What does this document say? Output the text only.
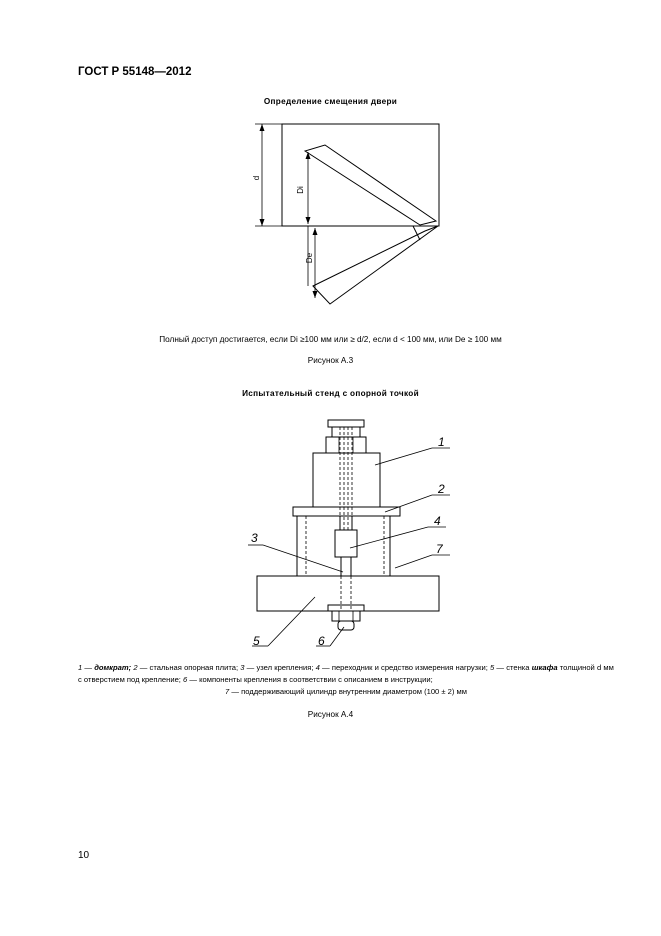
ГОСТ Р 55148—2012
Определение смещения двери
d
Di
De
Полный доступ достигается, если Di ≥100 мм или ≥ d/2, если d < 100 мм, или De ≥ 100 мм
Рисунок А.3
Испытательный стенд с опорной точкой
1
2
3
4
5	6
7
1 — домкрат; 2 — стальная опорная плита; 3 — узел крепления; 4 — переходник и средство измерения нагрузки; 5 — стенка шкафа толщиной d мм с отверстием под крепление; 6 — компоненты крепления в соответствии с описанием в инструкции;
7 — поддерживающий цилиндр внутренним диаметром (100 ± 2) мм
Рисунок А.4
10
